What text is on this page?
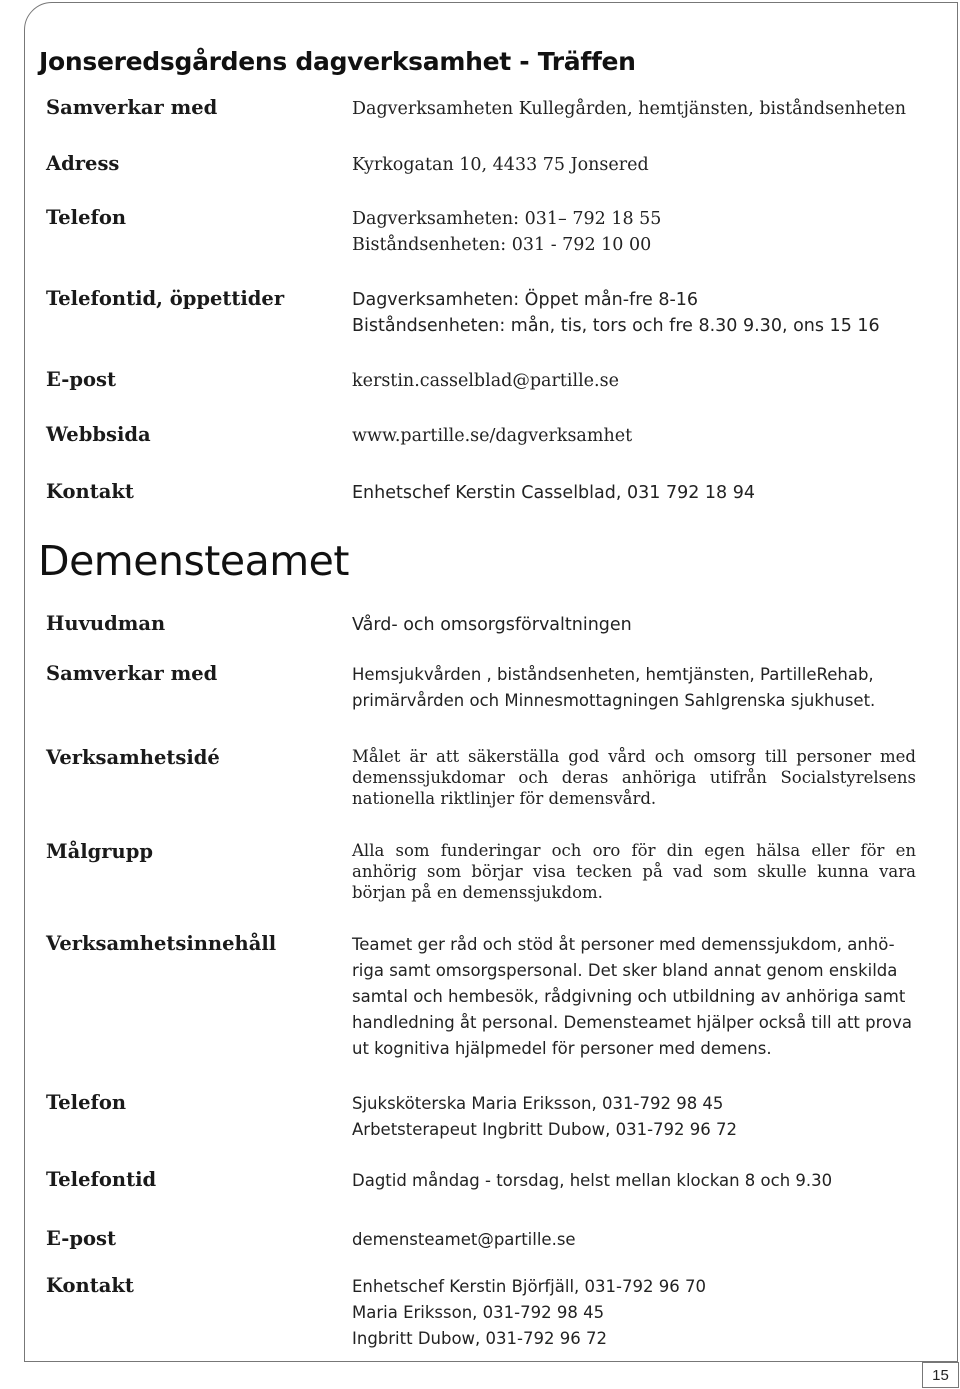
Jonseredsgårdens dagverksamhet - Träffen
Samverkar med	Dagverksamheten Kullegården, hemtjänsten, biståndsenheten
Adress	Kyrkogatan 10, 4433 75 Jonsered
Telefon	Dagverksamheten: 031– 792 18 55
Biståndsenheten: 031 - 792 10 00
Telefontid, öppettider	Dagverksamheten: Öppet mån-fre 8-16
Biståndsenheten: mån, tis, tors och fre 8.30 9.30, ons 15 16
E-post	kerstin.casselblad@partille.se
Webbsida	www.partille.se/dagverksamhet
Kontakt	Enhetschef Kerstin Casselblad, 031 792 18 94
Demensteamet
Huvudman	Vård- och omsorgsförvaltningen
Samverkar med	Hemsjukvården , biståndsenheten, hemtjänsten, PartilleRehab,
primärvården och Minnesmottagningen Sahlgrenska sjukhuset.
Verksamhetsidé	Målet är att säkerställa god vård och omsorg till personer med demenssjukdomar och deras anhöriga utifrån Socialstyrelsens nationella riktlinjer för demensvård.
Målgrupp	Alla som funderingar och oro för din egen hälsa eller för en anhörig som börjar visa tecken på vad som skulle kunna vara början på en demenssjukdom.
Verksamhetsinnehåll	Teamet ger råd och stöd åt personer med demenssjukdom, anhö-
riga samt omsorgspersonal. Det sker bland annat genom enskilda
samtal och hembesök, rådgivning och utbildning av anhöriga samt
handledning åt personal. Demensteamet hjälper också till att prova
ut kognitiva hjälpmedel för personer med demens.
Telefon	Sjuksköterska Maria Eriksson, 031-792 98 45
Arbetsterapeut Ingbritt Dubow, 031-792 96 72
Telefontid	Dagtid måndag - torsdag, helst mellan klockan 8 och 9.30
E-post	demensteamet@partille.se
Kontakt	Enhetschef Kerstin Björfjäll, 031-792 96 70
Maria Eriksson, 031-792 98 45
Ingbritt Dubow, 031-792 96 72
15
